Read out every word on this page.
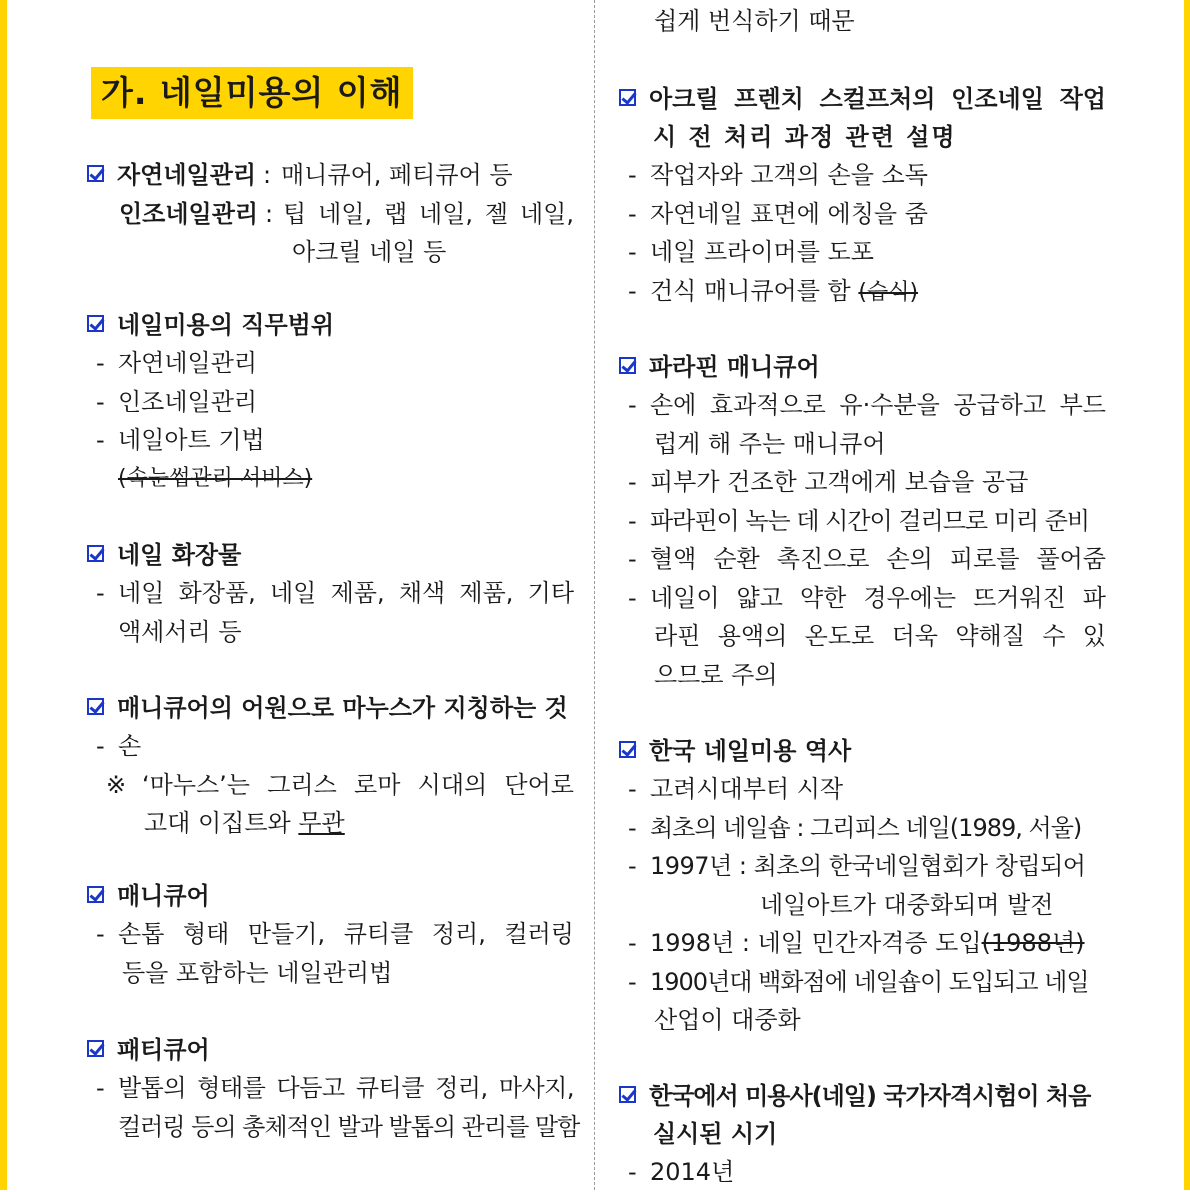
가. 네일미용의 이해
자연네일관리 : 매니큐어, 페티큐어 등
인조네일관리 : 팁 네일, 랩 네일, 젤 네일,
아크릴 네일 등
네일미용의 직무범위
- 자연네일관리
- 인조네일관리
- 네일아트 기법
(속눈썹관리 서비스)
네일 화장물
- 네일 화장품, 네일 제품, 채색 제품, 기타
액세서리 등
매니큐어의 어원으로 마누스가 지칭하는 것
- 손
※ ‘마누스’는 그리스 로마 시대의 단어로
고대 이집트와 무관
매니큐어
- 손톱 형태 만들기, 큐티클 정리, 컬러링
등을 포함하는 네일관리법
패티큐어
- 발톱의 형태를 다듬고 큐티클 정리, 마사지,
컬러링 등의 총체적인 발과 발톱의 관리를 말함
쉽게 번식하기 때문
아크릴 프렌치 스컬프처의 인조네일 작업
시 전 처리 과정 관련 설명
- 작업자와 고객의 손을 소독
- 자연네일 표면에 에칭을 줌
- 네일 프라이머를 도포
- 건식 매니큐어를 함 (습식)
파라핀 매니큐어
- 손에 효과적으로 유·수분을 공급하고 부드
럽게 해 주는 매니큐어
- 피부가 건조한 고객에게 보습을 공급
- 파라핀이 녹는 데 시간이 걸리므로 미리 준비
- 혈액 순환 촉진으로 손의 피로를 풀어줌
- 네일이 얇고 약한 경우에는 뜨거워진 파
라핀 용액의 온도로 더욱 약해질 수 있
으므로 주의
한국 네일미용 역사
- 고려시대부터 시작
- 최초의 네일숍 : 그리피스 네일(1989, 서울)
- 1997년 : 최초의 한국네일협회가 창립되어
네일아트가 대중화되며 발전
- 1998년 : 네일 민간자격증 도입(1988년)
- 1900년대 백화점에 네일숍이 도입되고 네일
산업이 대중화
한국에서 미용사(네일) 국가자격시험이 처음
실시된 시기
- 2014년
